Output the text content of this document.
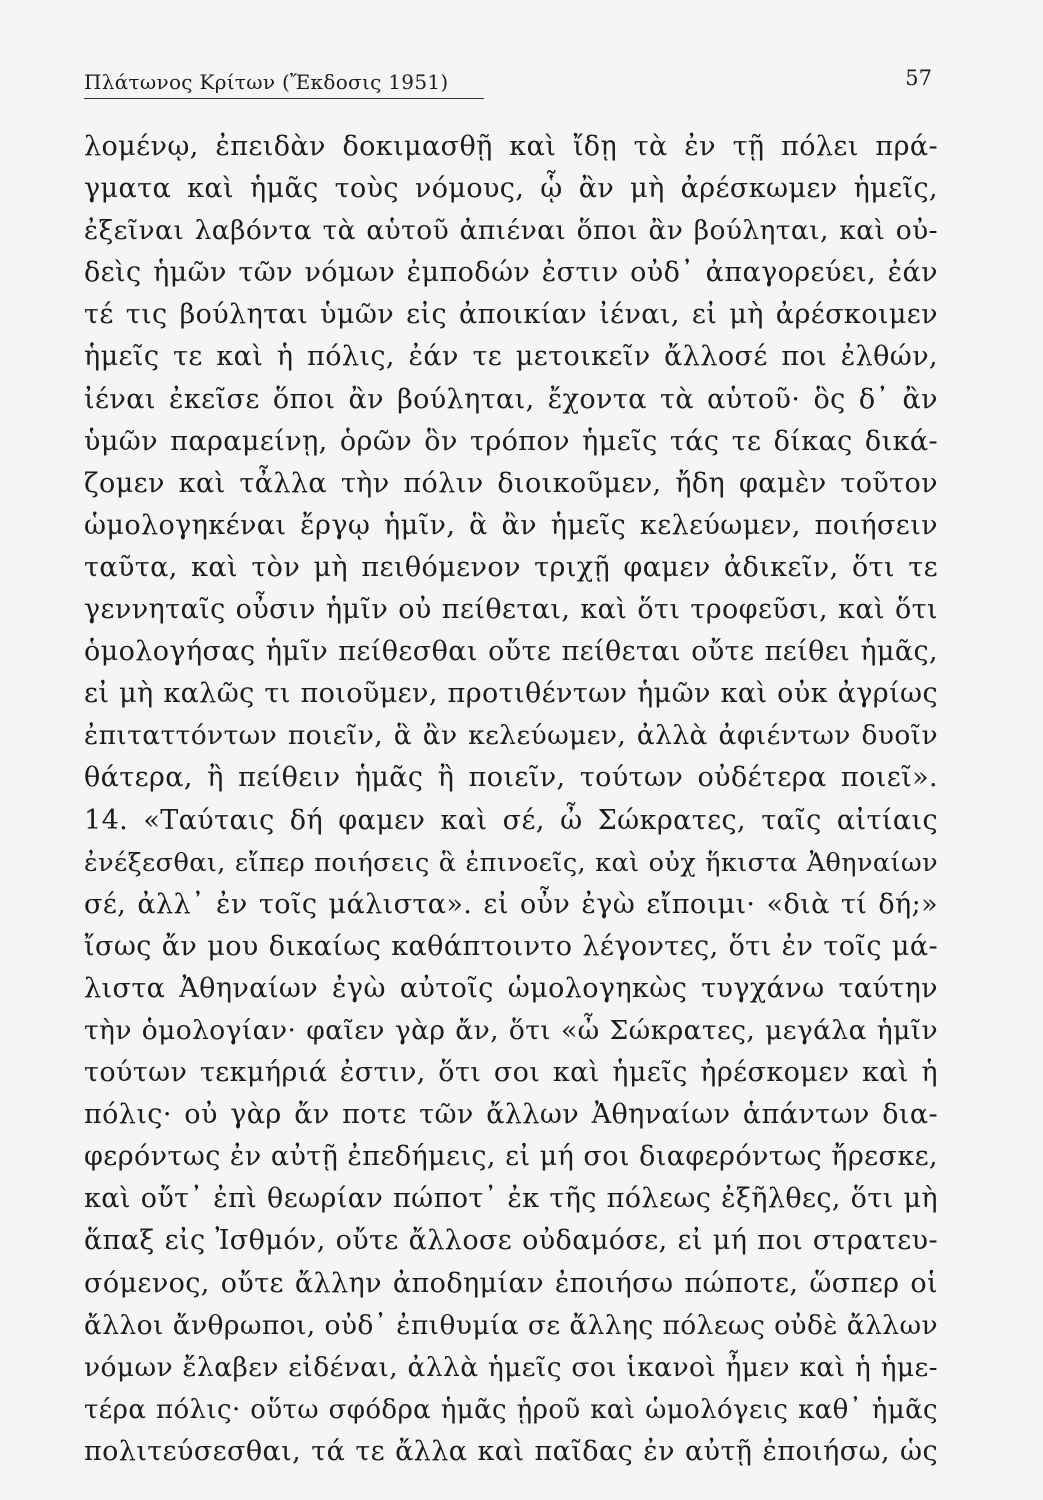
Πλάτωνος Κρίτων (Ἔκδοσις 1951)	57
λομένῳ, ἐπειδὰν δοκιμασθῇ καὶ ἴδῃ τὰ ἐν τῇ πόλει πρά-
γματα καὶ ἡμᾶς τοὺς νόμους, ᾧ ἂν μὴ ἀρέσκωμεν ἡμεῖς,
ἐξεῖναι λαβόντα τὰ αὑτοῦ ἀπιέναι ὅποι ἂν βούληται, καὶ οὐ-
δεὶς ἡμῶν τῶν νόμων ἐμποδών ἐστιν οὐδ᾽ ἀπαγορεύει, ἐάν
τέ τις βούληται ὑμῶν εἰς ἀποικίαν ἰέναι, εἰ μὴ ἀρέσκοιμεν
ἡμεῖς τε καὶ ἡ πόλις, ἐάν τε μετοικεῖν ἄλλοσέ ποι ἐλθών,
ἰέναι ἐκεῖσε ὅποι ἂν βούληται, ἔχοντα τὰ αὑτοῦ· ὃς δ᾽ ἂν
ὑμῶν παραμείνῃ, ὁρῶν ὃν τρόπον ἡμεῖς τάς τε δίκας δικά-
ζομεν καὶ τἆλλα τὴν πόλιν διοικοῦμεν, ἤδη φαμὲν τοῦτον
ὡμολογηκέναι ἔργῳ ἡμῖν, ἃ ἂν ἡμεῖς κελεύωμεν, ποιήσειν
ταῦτα, καὶ τὸν μὴ πειθόμενον τριχῇ φαμεν ἀδικεῖν, ὅτι τε
γεννηταῖς οὖσιν ἡμῖν οὐ πείθεται, καὶ ὅτι τροφεῦσι, καὶ ὅτι
ὁμολογήσας ἡμῖν πείθεσθαι οὔτε πείθεται οὔτε πείθει ἡμᾶς,
εἰ μὴ καλῶς τι ποιοῦμεν, προτιθέντων ἡμῶν καὶ οὐκ ἀγρίως
ἐπιταττόντων ποιεῖν, ἃ ἂν κελεύωμεν, ἀλλὰ ἀφιέντων δυοῖν
θάτερα, ἢ πείθειν ἡμᾶς ἢ ποιεῖν, τούτων οὐδέτερα ποιεῖ».
14. «Ταύταις δή φαμεν καὶ σέ, ὦ Σώκρατες, ταῖς αἰτίαις
ἐνέξεσθαι, εἴπερ ποιήσεις ἃ ἐπινοεῖς, καὶ οὐχ ἥκιστα Ἀθηναίων
σέ, ἀλλ᾽ ἐν τοῖς μάλιστα». εἰ οὖν ἐγὼ εἴποιμι· «διὰ τί δή;»
ἴσως ἄν μου δικαίως καθάπτοιντο λέγοντες, ὅτι ἐν τοῖς μά-
λιστα Ἀθηναίων ἐγὼ αὐτοῖς ὡμολογηκὼς τυγχάνω ταύτην
τὴν ὁμολογίαν· φαῖεν γὰρ ἄν, ὅτι «ὦ Σώκρατες, μεγάλα ἡμῖν
τούτων τεκμήριά ἐστιν, ὅτι σοι καὶ ἡμεῖς ἠρέσκομεν καὶ ἡ
πόλις· οὐ γὰρ ἄν ποτε τῶν ἄλλων Ἀθηναίων ἁπάντων δια-
φερόντως ἐν αὐτῇ ἐπεδήμεις, εἰ μή σοι διαφερόντως ἤρεσκε,
καὶ οὔτ᾽ ἐπὶ θεωρίαν πώποτ᾽ ἐκ τῆς πόλεως ἐξῆλθες, ὅτι μὴ
ἅπαξ εἰς Ἰσθμόν, οὔτε ἄλλοσε οὐδαμόσε, εἰ μή ποι στρατευ-
σόμενος, οὔτε ἄλλην ἀποδημίαν ἐποιήσω πώποτε, ὥσπερ οἱ
ἄλλοι ἄνθρωποι, οὐδ᾽ ἐπιθυμία σε ἄλλης πόλεως οὐδὲ ἄλλων
νόμων ἔλαβεν εἰδέναι, ἀλλὰ ἡμεῖς σοι ἱκανοὶ ἦμεν καὶ ἡ ἡμε-
τέρα πόλις· οὕτω σφόδρα ἡμᾶς ᾑροῦ καὶ ὡμολόγεις καθ᾽ ἡμᾶς
πολιτεύσεσθαι, τά τε ἄλλα καὶ παῖδας ἐν αὐτῇ ἐποιήσω, ὡς
